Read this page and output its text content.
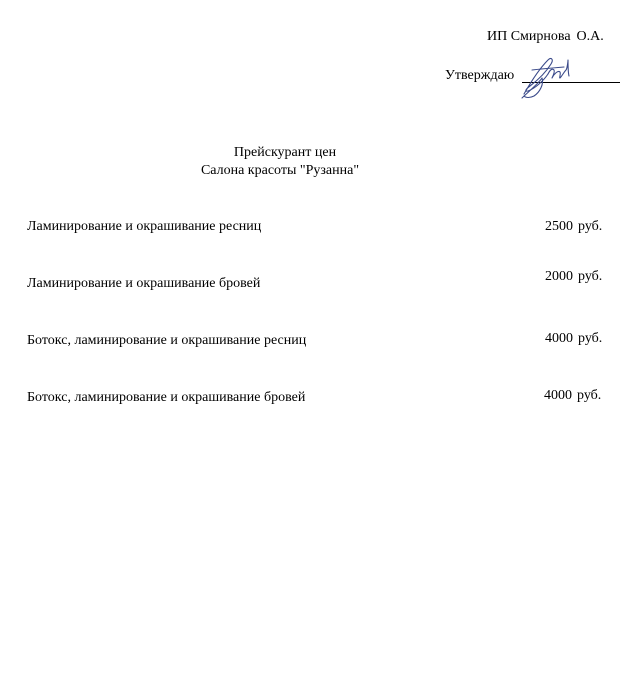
ИП Смирнова О.А.
Утверждаю
Прейскурант цен
Салона красоты "Рузанна"
Ламинирование и окрашивание ресниц	2500 руб.
Ламинирование и окрашивание бровей	2000 руб.
Ботокс, ламинирование и окрашивание ресниц	4000 руб.
Ботокс, ламинирование и окрашивание бровей	4000 руб.
